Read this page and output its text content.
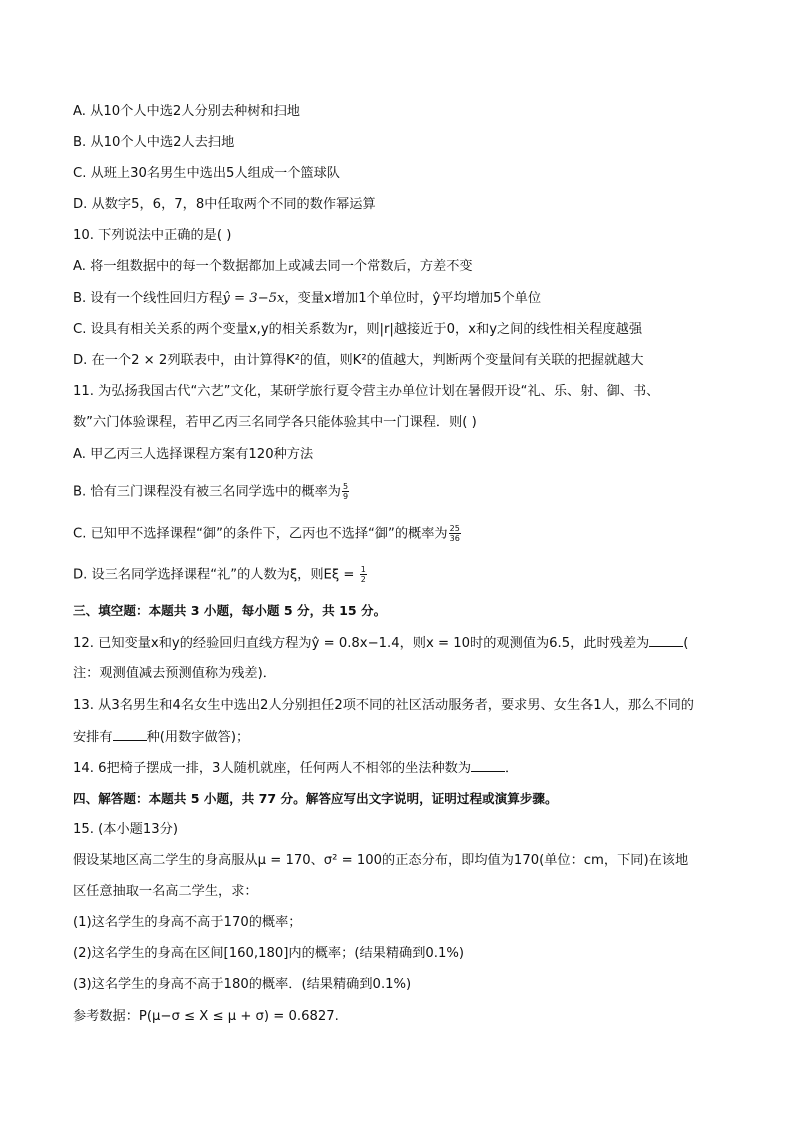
A. 从10个人中选2人分别去种树和扫地
B. 从10个人中选2人去扫地
C. 从班上30名男生中选出5人组成一个篮球队
D. 从数字5，6，7，8中任取两个不同的数作幂运算
10. 下列说法中正确的是( )
A. 将一组数据中的每一个数据都加上或减去同一个常数后，方差不变
B. 设有一个线性回归方程ŷ = 3−5x，变量x增加1个单位时，ŷ平均增加5个单位
C. 设具有相关关系的两个变量x,y的相关系数为r，则|r|越接近于0，x和y之间的线性相关程度越强
D. 在一个2 × 2列联表中，由计算得K²的值，则K²的值越大，判断两个变量间有关联的把握就越大
11. 为弘扬我国古代“六艺”文化，某研学旅行夏令营主办单位计划在暑假开设“礼、乐、射、御、书、
数”六门体验课程，若甲乙丙三名同学各只能体验其中一门课程．则( )
A. 甲乙丙三人选择课程方案有120种方法
B. 恰有三门课程没有被三名同学选中的概率为 $\frac{5}{9}$
C. 已知甲不选择课程“御”的条件下，乙丙也不选择“御”的概率为 $\frac{25}{36}$
D. 设三名同学选择课程“礼”的人数为ξ，则$E\xi = \frac{1}{2}$
三、填空题：本题共 3 小题，每小题 5 分，共 15 分。
12. 已知变量x和y的经验回归直线方程为ŷ = 0.8x−1.4，则x = 10时的观测值为6.5，此时残差为	(
注：观测值减去预测值称为残差)．
13. 从3名男生和4名女生中选出2人分别担任2项不同的社区活动服务者，要求男、女生各1人，那么不同的
安排有	种(用数字做答)；
14. 6把椅子摆成一排，3人随机就座，任何两人不相邻的坐法种数为	．
四、解答题：本题共 5 小题，共 77 分。解答应写出文字说明，证明过程或演算步骤。
15. (本小题13分)
假设某地区高二学生的身高服从μ = 170、σ² = 100的正态分布，即均值为170(单位：cm，下同)在该地
区任意抽取一名高二学生，求：
(1)这名学生的身高不高于170的概率；
(2)这名学生的身高在区间[160,180]内的概率；(结果精确到0.1%)
(3)这名学生的身高不高于180的概率．(结果精确到0.1%)
参考数据：P(μ−σ ≤ X ≤ μ + σ) = 0.6827.
